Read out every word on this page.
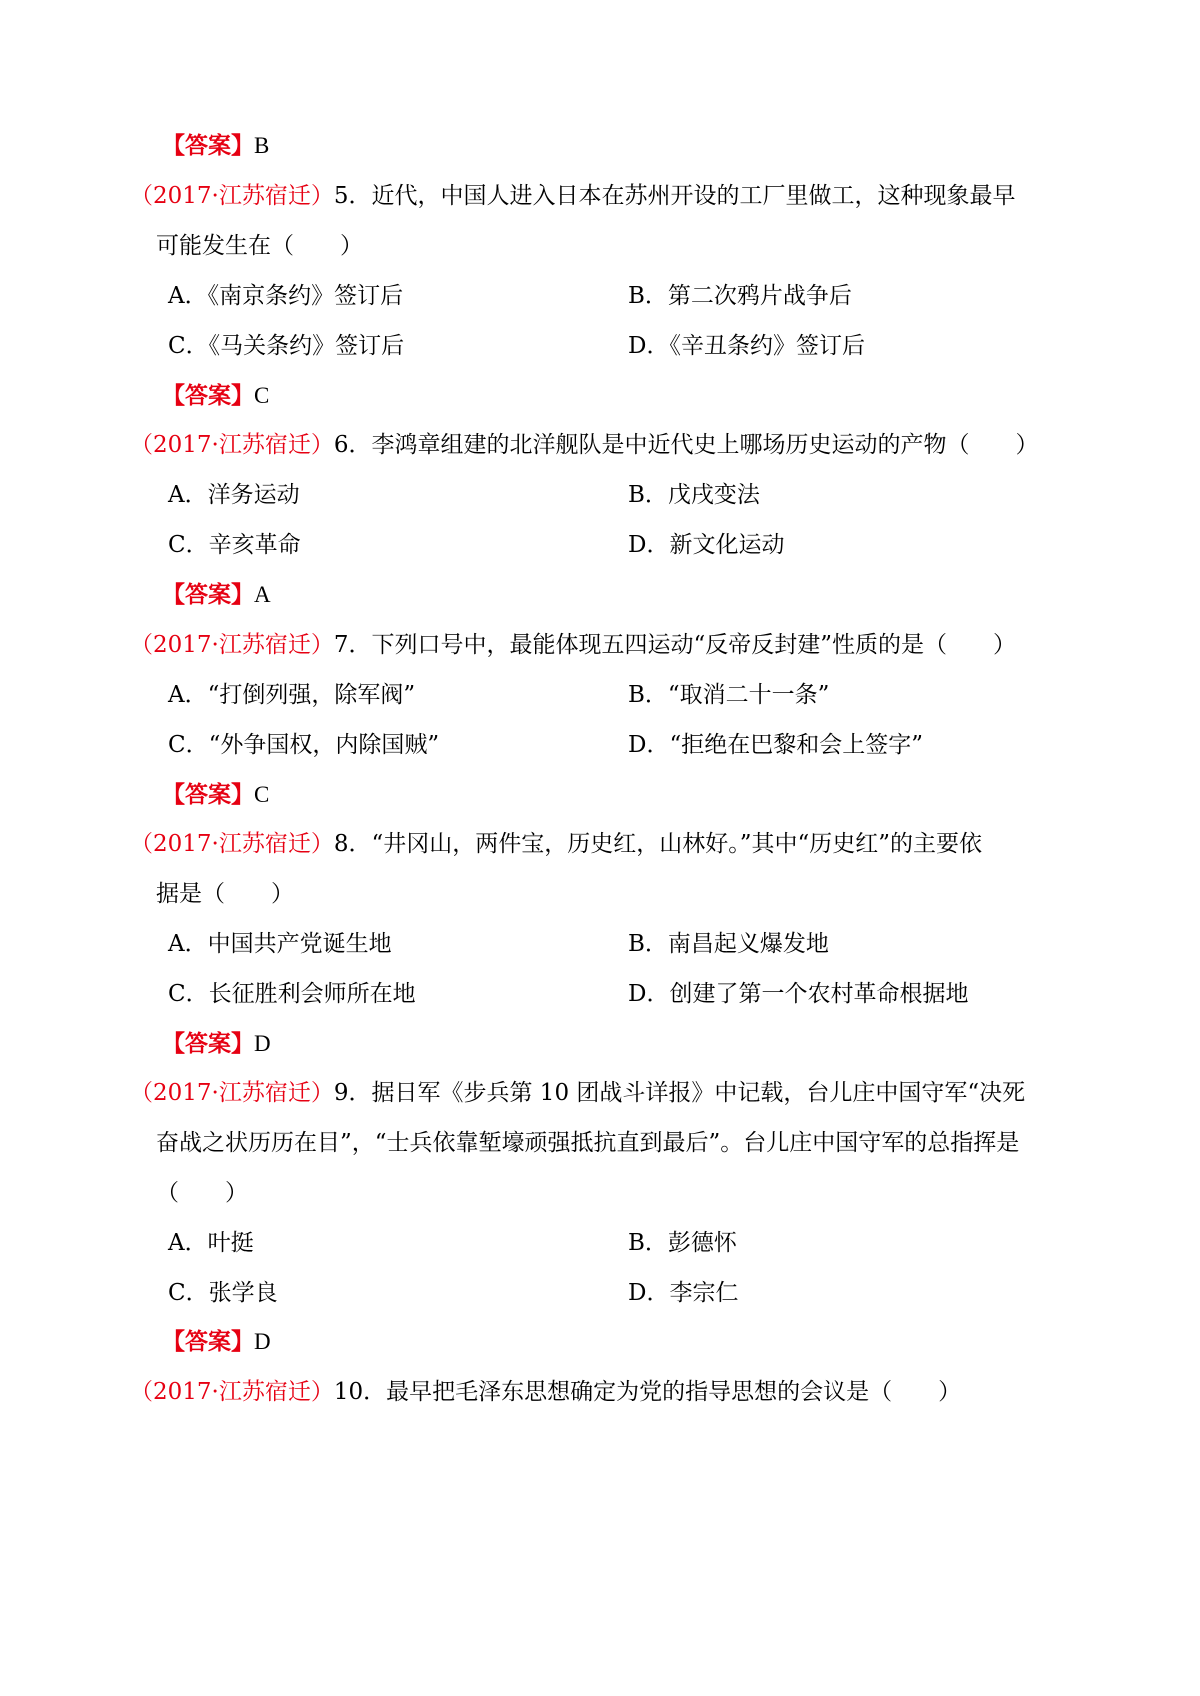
【答案】B
（2017·江苏宿迁）5．近代，中国人进入日本在苏州开设的工厂里做工，这种现象最早
可能发生在（　　）
A．《南京条约》签订后	B．第二次鸦片战争后
C．《马关条约》签订后	D．《辛丑条约》签订后
【答案】C
（2017·江苏宿迁）6．李鸿章组建的北洋舰队是中近代史上哪场历史运动的产物（　　）
A．洋务运动	B．戊戌变法
C．辛亥革命	D．新文化运动
【答案】A
（2017·江苏宿迁）7．下列口号中，最能体现五四运动“反帝反封建”性质的是（　　）
A．“打倒列强，除军阀”	B．“取消二十一条”
C．“外争国权，内除国贼”	D．“拒绝在巴黎和会上签字”
【答案】C
（2017·江苏宿迁）8．“井冈山，两件宝，历史红，山林好。”其中“历史红”的主要依
据是（　　）
A．中国共产党诞生地	B．南昌起义爆发地
C．长征胜利会师所在地	D．创建了第一个农村革命根据地
【答案】D
（2017·江苏宿迁）9．据日军《步兵第 10 团战斗详报》中记载，台儿庄中国守军“决死
奋战之状历历在目”，“士兵依靠堑壕顽强抵抗直到最后”。台儿庄中国守军的总指挥是
（　　）
A．叶挺	B．彭德怀
C．张学良	D．李宗仁
【答案】D
（2017·江苏宿迁）10．最早把毛泽东思想确定为党的指导思想的会议是（　　）
